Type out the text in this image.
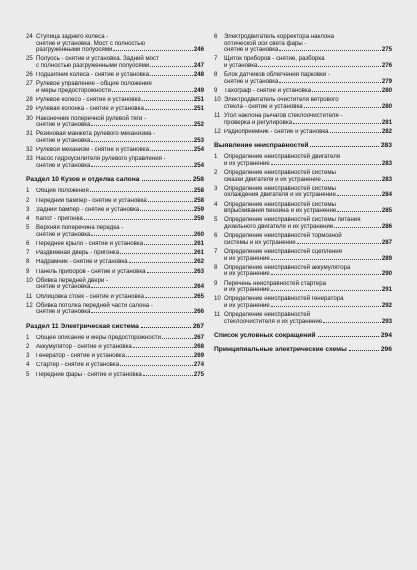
24 Ступица заднего колеса -
снятие и установка. Мост с полностью
разгруженными полуосями	246
25 Полуось - снятие и установка. Задний мост
с полностью разгруженными полуосями	247
26 Подшипник колеса - снятие и установка	248
27 Рулевое управление - общие положения
и меры предосторожности	249
28 Рулевое колесо - снятие и установка	251
29 Рулевая колонка - снятие и установка	251
30 Наконечник поперечной рулевой тяги -
снятие и установка	252
31 Резиновая манжета рулевого механизма -
снятие и установка	253
32 Рулевой механизм - снятие и установка	254
33 Насос гидроусилителя рулевого управления -
снятие и установка	254
Раздел 10 Кузов и отделка салона	258
1 Общие положения	258
2 Передний бампер - снятие и установка	258
3 Задний бампер - снятие и установка	259
4 Капот - пригонка	259
5 Верхняя поперечина передка -
снятие и установка	260
6 Переднее крыло - снятие и установка	261
7 Раздвижная дверь - пригонка	261
8 Надрамник - снятие и установка	262
9 Панель приборов - снятие и установка	263
10 Обивка передней двери -
снятие и установка	264
11 Облицовка стоек - снятие и установка	265
12 Обивка потолка передней части салона -
снятие и установка	266
Раздел 11 Электрическая система	267
1 Общее описание и меры предосторожности	267
2 Аккумулятор - снятие и установка	268
3 Генератор - снятие и установка	269
4 Стартер - снятие и установка	274
5 Передние фары - снятие и установка	275
6 Электродвигатель корректора наклона
оптической оси света фары -
снятие и установка	275
7 Щиток приборов - снятие, разборка
и установка	276
8 Блок датчиков облегчения парковки -
снятие и установка	279
9 Тахограф - снятие и установка	280
10 Электродвигатель очистителя ветрового
стекла - снятие и установка	280
11 Угол наклона рычагов стеклоочистителя -
проверка и регулировка	281
12 Радиоприемник - снятие и установка	282
Выявление неисправностей	283
1 Определение неисправностей двигателя
и их устранение	283
2 Определение неисправностей системы
смазки двигателя и их устранение	283
3 Определение неисправностей системы
охлаждения двигателя и их устранение	284
4 Определение неисправностей системы
впрыскивания бензина и их устранение	285
5 Определение неисправностей системы питания
дизельного двигателя и их устранение	286
6 Определение неисправностей тормозной
системы и их устранение	287
7 Определение неисправностей сцепления
и их устранение	289
8 Определение неисправностей аккумулятора
и их устранение	290
9 Перечень неисправностей стартера
и их устранение	291
10 Определение неисправностей генератора
и их устранение	292
11 Определение неисправностей
стеклоочистителя и их устранение	293
Список условных сокращений	294
Принципиальные электрические схемы	296
